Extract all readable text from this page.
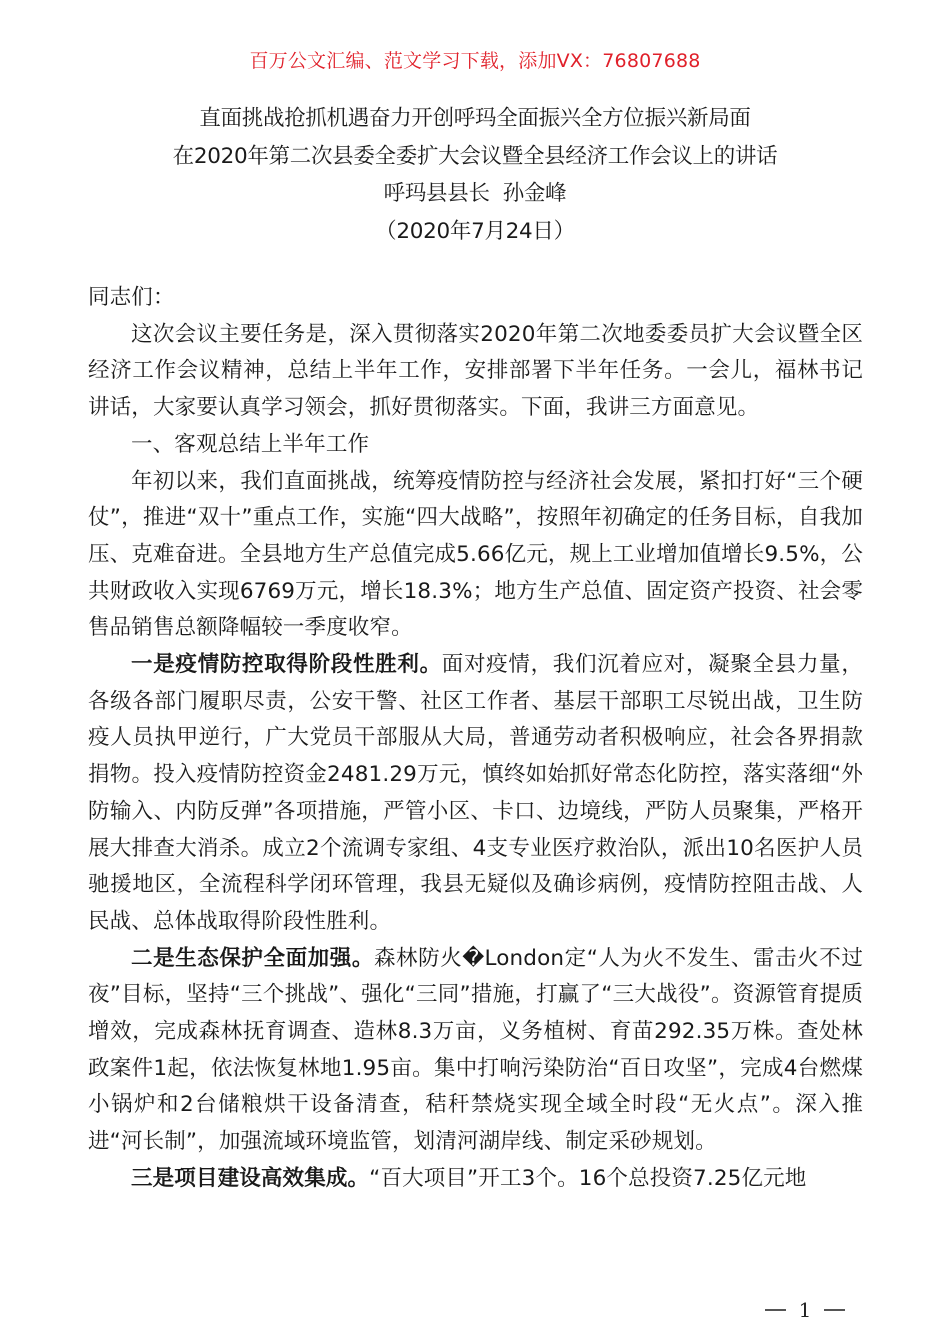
百万公文汇编、范文学习下载，添加VX：76807688
直面挑战抢抓机遇奋力开创呼玛全面振兴全方位振兴新局面
在2020年第二次县委全委扩大会议暨全县经济工作会议上的讲话
呼玛县县长  孙金峰
（2020年7月24日）

同志们：

这次会议主要任务是，深入贯彻落实2020年第二次地委委员扩大会议暨全区经济工作会议精神，总结上半年工作，安排部署下半年任务。一会儿，福林书记讲话，大家要认真学习领会，抓好贯彻落实。下面，我讲三方面意见。

一、客观总结上半年工作

年初以来，我们直面挑战，统筹疫情防控与经济社会发展，紧扣打好“三个硬仗”，推进“双十”重点工作，实施“四大战略”，按照年初确定的任务目标，自我加压、克难奋进。全县地方生产总值完成5.66亿元，规上工业增加值增长9.5%，公共财政收入实现6769万元，增长18.3%；地方生产总值、固定资产投资、社会零售品销售总额降幅较一季度收窄。

一是疫情防控取得阶段性胜利。面对疫情，我们沉着应对，凝聚全县力量，各级各部门履职尽责，公安干警、社区工作者、基层干部职工尽锐出战，卫生防疫人员执甲逆行，广大党员干部服从大局，普通劳动者积极响应，社会各界捐款捐物。投入疫情防控资金2481.29万元，慎终如始抓好常态化防控，落实落细“外防输入、内防反弹”各项措施，严管小区、卡口、边境线，严防人员聚集，严格开展大排查大消杀。成立2个流调专家组、4支专业医疗救治队，派出10名医护人员驰援地区，全流程科学闭环管理，我县无疑似及确诊病例，疫情防控阻击战、人民战、总体战取得阶段性胜利。

二是生态保护全面加强。森林防火�London定“人为火不发生、雷击火不过夜”目标，坚持“三个挑战”、强化“三同”措施，打赢了“三大战役”。资源管育提质增效，完成森林抚育调查、造林8.3万亩，义务植树、育苗292.35万株。查处林政案件1起，依法恢复林地1.95亩。集中打响污染防治“百日攻坚”，完成4台燃煤小锅炉和2台储粮烘干设备清查，秸秆禁烧实现全域全时段“无火点”。深入推进“河长制”，加强流域环境监管，划清河湖岸线、制定采砂规划。

三是项目建设高效集成。“百大项目”开工3个。16个总投资7.25亿元地

1
